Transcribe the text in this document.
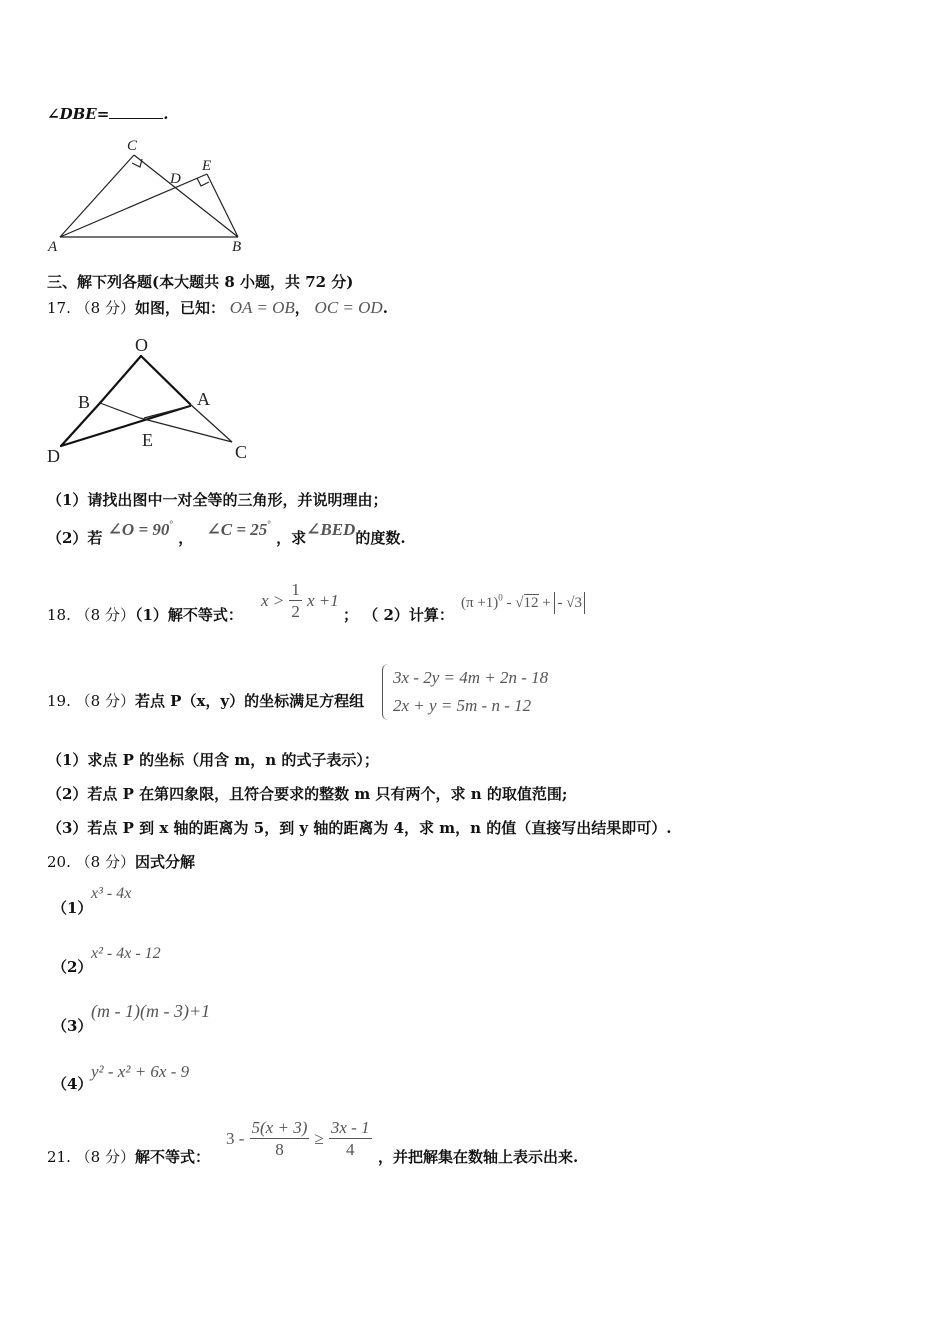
∠DBE=	.
C
D
E
A	B
三、解下列各题(本大题共 8 小题，共 72 分)
17. （8 分）如图，已知： OA = OB， OC = OD.
O
B	A
E
D	C
（1）请找出图中一对全等的三角形，并说明理由；
（2）若 ∠O = 90° ， ∠C = 25° ，求∠BED的度数.
18. （8 分）（1）解不等式：
$x > \frac{1}{2}$ x +1
； （ 2）计算：
$(\pi +1)^0 - √12$ + - √3
19. （8 分）若点 P（x，y）的坐标满足方程组
3x - 2y = 4m + 2n - 18
2x + y = 5m - n - 12
（1）求点 P 的坐标（用含 m，n 的式子表示）；
（2）若点 P 在第四象限，且符合要求的整数 m 只有两个，求 n 的取值范围;
（3）若点 P 到 x 轴的距离为 5，到 y 轴的距离为 4，求 m，n 的值（直接写出结果即可）.
20. （8 分）因式分解
（1）
x³ - 4x
（2）
x² - 4x - 12
（3）
(m - 1)(m - 3)+1
（4）
y² - x² + 6x - 9
21. （8 分）解不等式：
$3 - \frac{5(x + 3)}{8} \ge \frac{3x - 1}{4}$ ，并把解集在数轴上表示出来.
